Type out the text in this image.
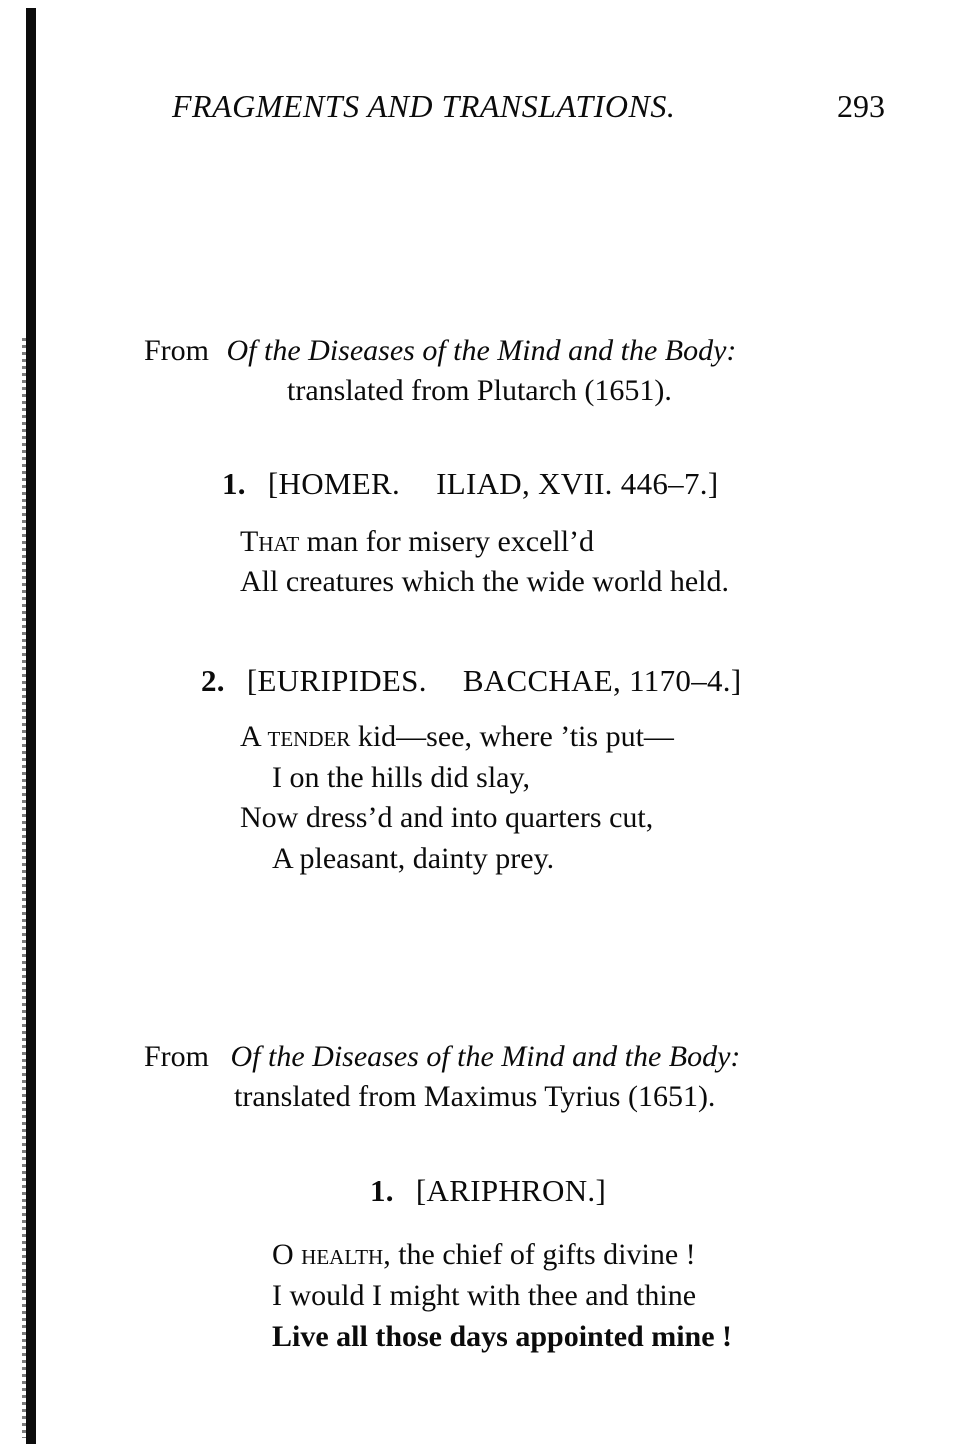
FRAGMENTS AND TRANSLATIONS.	293
From Of the Diseases of the Mind and the Body:
translated from Plutarch (1651).
1. [HOMER. ILIAD, XVII. 446–7.]
That man for misery excell’d
All creatures which the wide world held.
2. [EURIPIDES. BACCHAE, 1170–4.]
A tender kid—see, where ’tis put—
I on the hills did slay,
Now dress’d and into quarters cut,
A pleasant, dainty prey.
From Of the Diseases of the Mind and the Body:
translated from Maximus Tyrius (1651).
1. [ARIPHRON.]
O health, the chief of gifts divine !
I would I might with thee and thine
Live all those days appointed mine !
